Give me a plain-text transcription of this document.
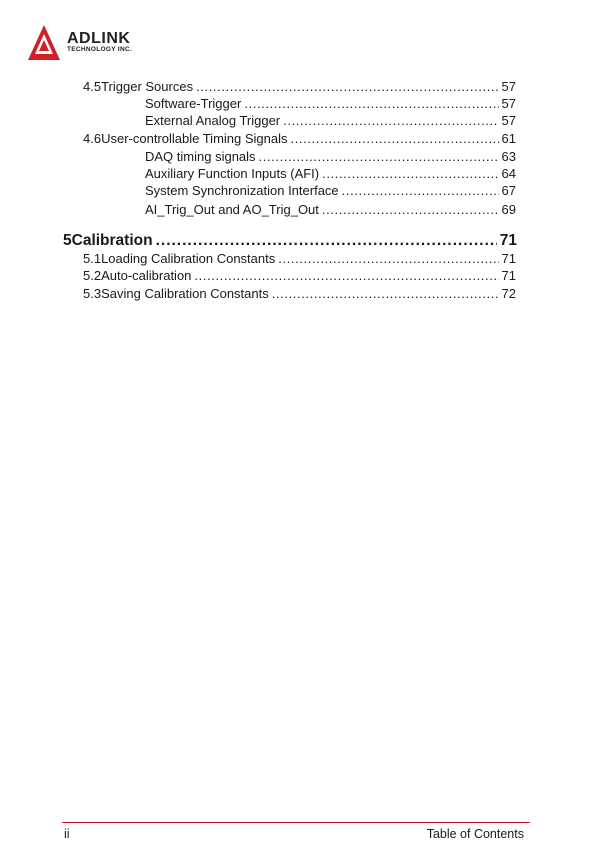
ADLINK
TECHNOLOGY INC.
4.5 Trigger Sources .....	57
Software-Trigger .....	57
External Analog Trigger .....	57
4.6 User-controllable Timing Signals .....	61
DAQ timing signals .....	63
Auxiliary Function Inputs (AFI) .....	64
System Synchronization Interface .....	67
AI_Trig_Out and AO_Trig_Out .....	69
5 Calibration .....	71
5.1 Loading Calibration Constants .....	71
5.2 Auto-calibration .....	71
5.3 Saving Calibration Constants .....	72
ii	Table of Contents
